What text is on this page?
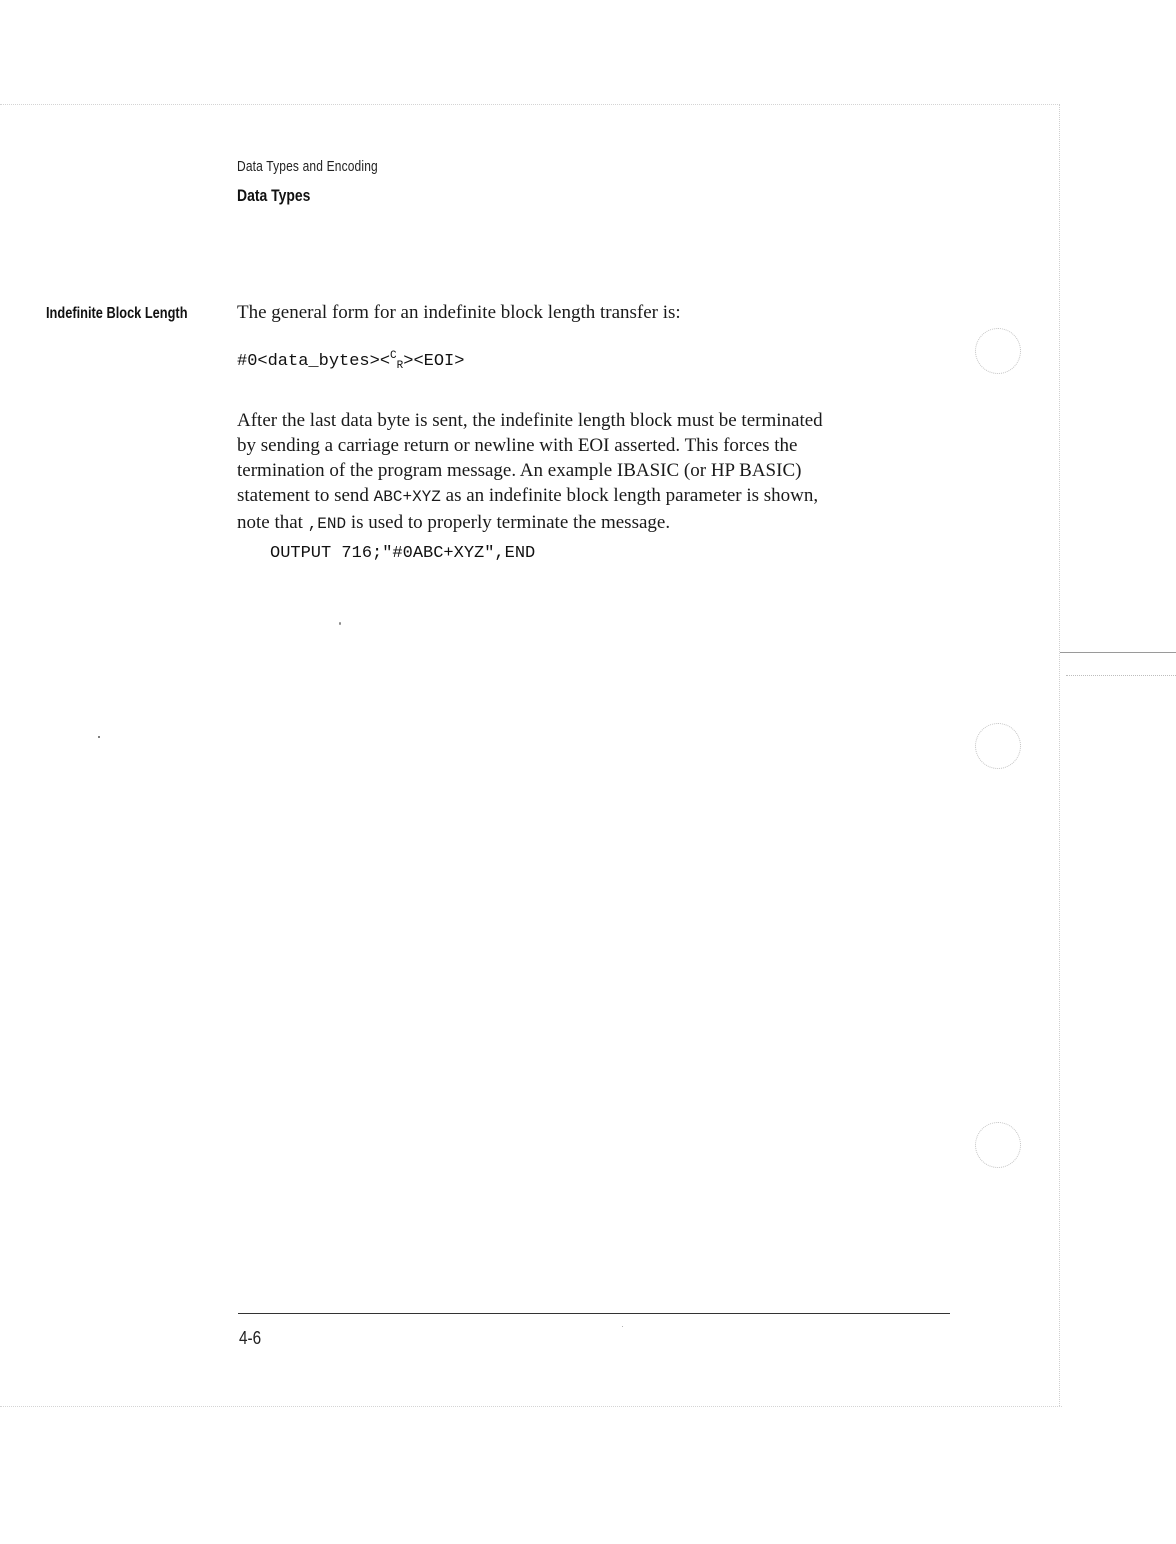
Data Types and Encoding
Data Types
Indefinite Block Length	The general form for an indefinite block length transfer is:
#0<data_bytes><$^C_R$><EOI>
After the last data byte is sent, the indefinite length block must be terminated
by sending a carriage return or newline with EOI asserted. This forces the
termination of the program message. An example IBASIC (or HP BASIC)
statement to send ABC+XYZ as an indefinite block length parameter is shown,
note that ,END is used to properly terminate the message.
OUTPUT 716;"#0ABC+XYZ",END
4-6
